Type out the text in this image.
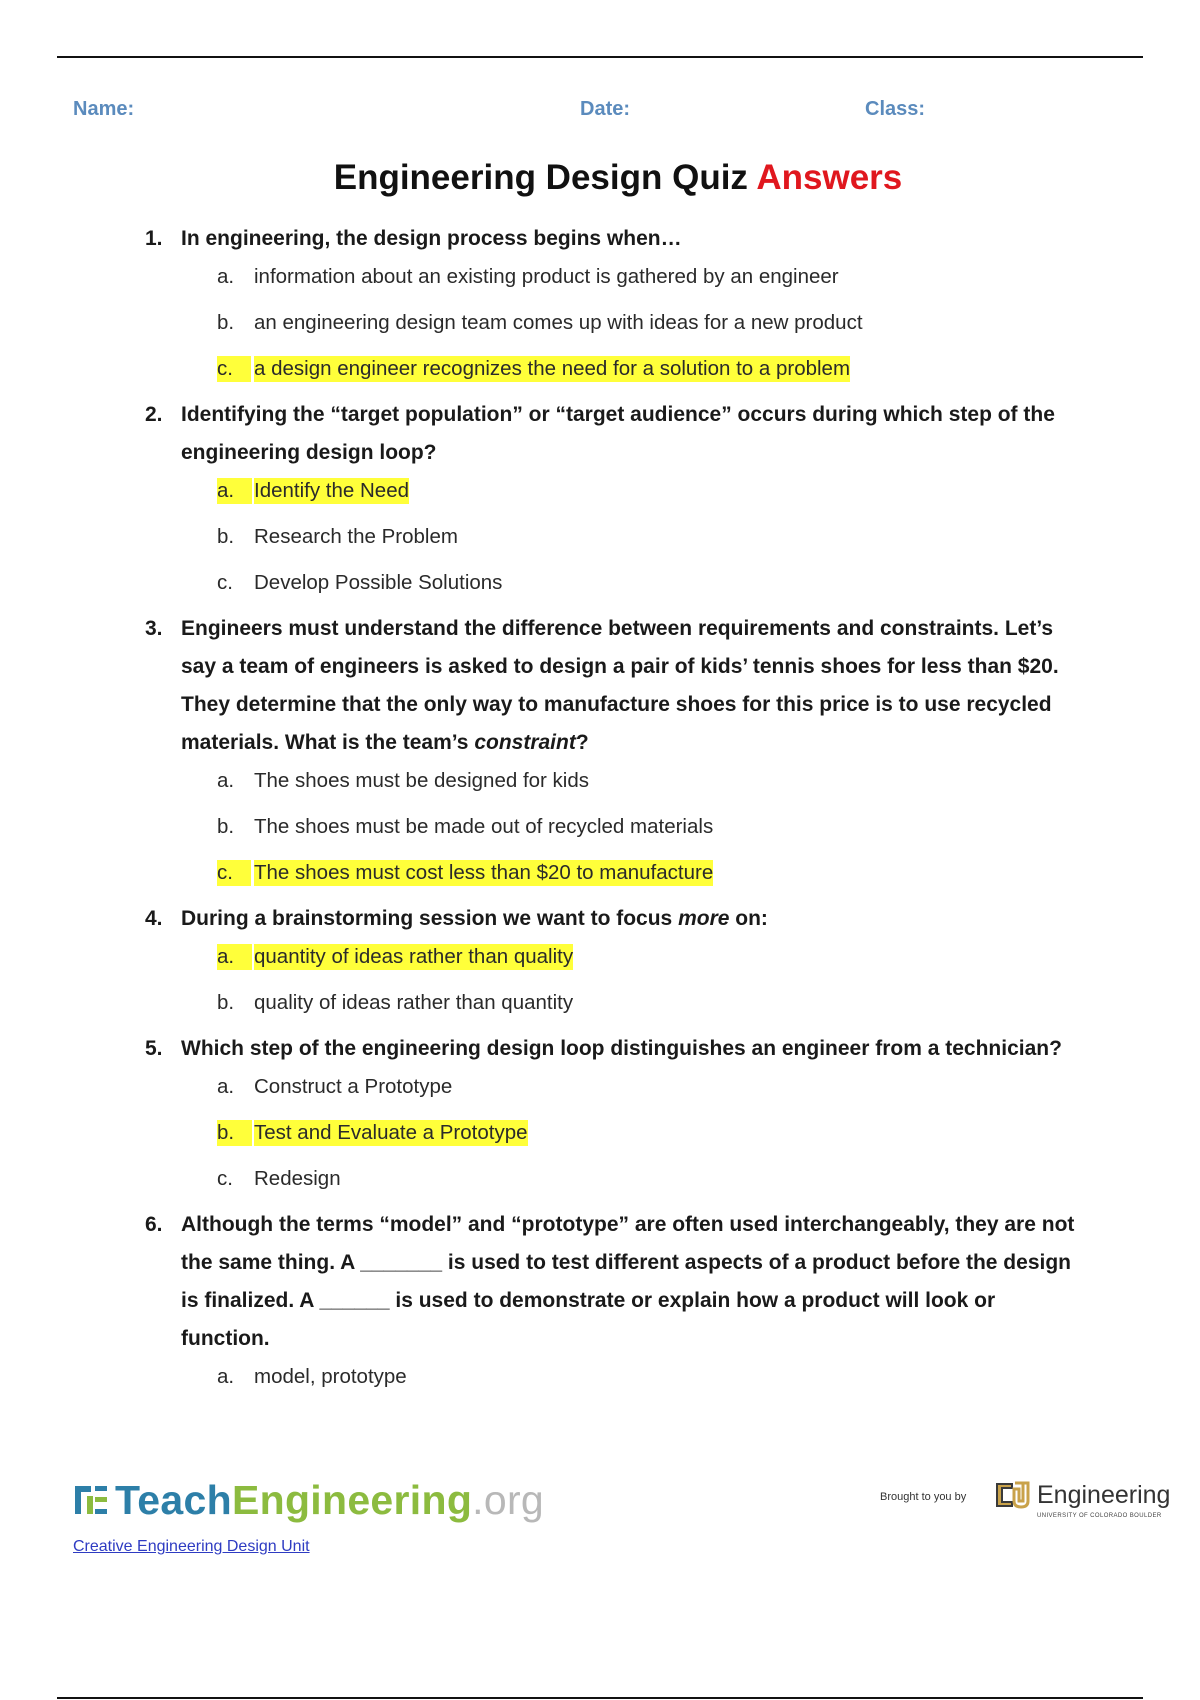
Name:	Date:	Class:
Engineering Design Quiz Answers
1. In engineering, the design process begins when…
a. information about an existing product is gathered by an engineer
b. an engineering design team comes up with ideas for a new product
c.	a design engineer recognizes the need for a solution to a problem
2. Identifying the “target population” or “target audience” occurs during which step of the engineering design loop?
a. Identify the Need
b. Research the Problem
c. Develop Possible Solutions
3. Engineers must understand the difference between requirements and constraints. Let’s say a team of engineers is asked to design a pair of kids’ tennis shoes for less than $20. They determine that the only way to manufacture shoes for this price is to use recycled materials. What is the team’s constraint?
a. The shoes must be designed for kids
b. The shoes must be made out of recycled materials
c.	The shoes must cost less than $20 to manufacture
4. During a brainstorming session we want to focus more on:
a. quantity of ideas rather than quality
b. quality of ideas rather than quantity
5. Which step of the engineering design loop distinguishes an engineer from a technician?
a. Construct a Prototype
b. Test and Evaluate a Prototype
c. Redesign
6. Although the terms “model” and “prototype” are often used interchangeably, they are not the same thing. A _______ is used to test different aspects of a product before the design is finalized. A ______ is used to demonstrate or explain how a product will look or function.
a. model, prototype
Teach Engineering .org	Brought to you by	Engineering
UNIVERSITY OF COLORADO BOULDER
Creative Engineering Design Unit
